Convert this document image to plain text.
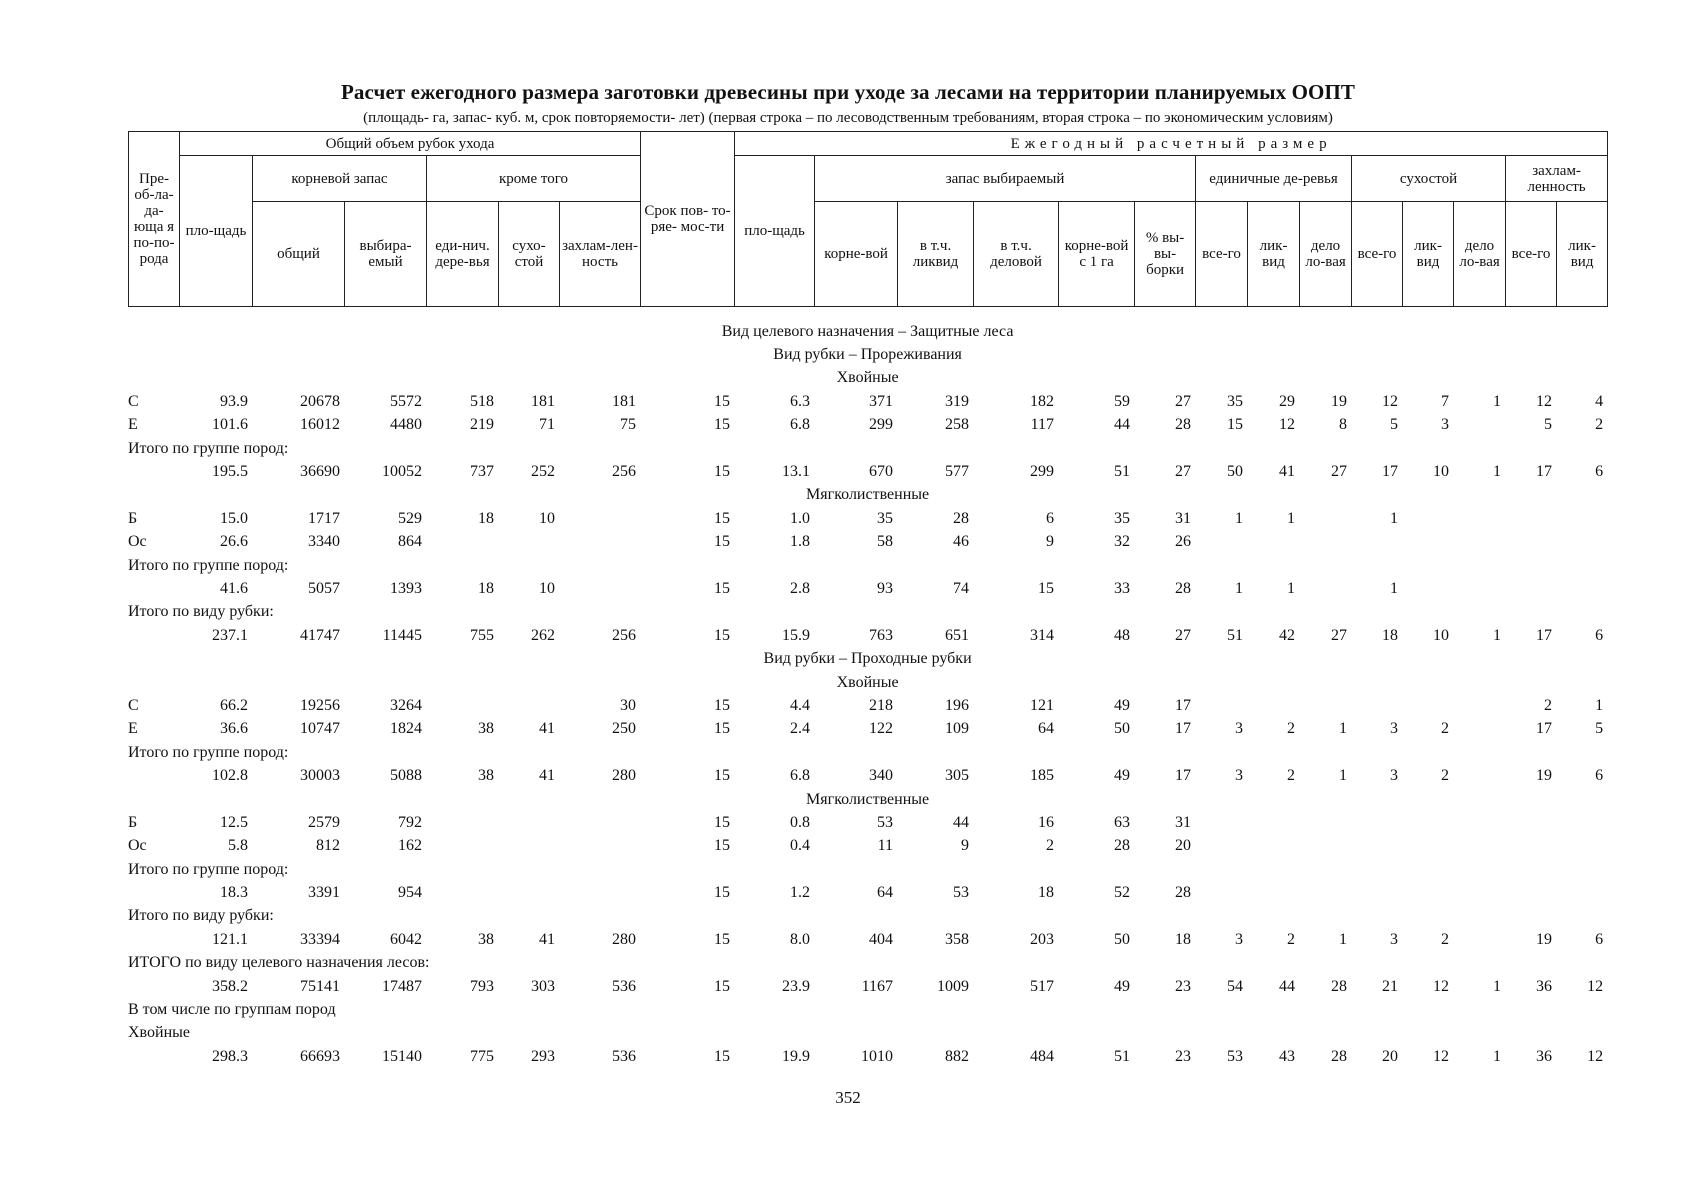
Расчет ежегодного размера заготовки древесины при уходе за лесами на территории планируемых ООПТ
(площадь- га, запас- куб. м, срок повторяемости- лет) (первая строка – по лесоводственным требованиям, вторая строка – по экономическим условиям)
Пре-об-ла-да-юща я по-по-рода	Общий объем рубок ухода						Срок пов- то-ряе- мос-ти	Ежегодный расчетный размер													
	пло-щадь	корневой запас		кроме того				пло-щадь	запас выбираемый					единичные де-ревья			сухостой			захлам-ленность	
		общий	выбира-емый	еди-нич. дере-вья	сухо-стой	захлам-лен-ность			корне-вой	в т.ч. ликвид	в т.ч. деловой	корне-вой с 1 га	% вы-вы-борки	все-го	лик-вид	дело ло-вая	все-го	лик-вид	дело ло-вая	все-го	лик-вид

Вид целевого назначения – Защитные леса																					
Вид рубки – Прореживания																					
Хвойные																					
С	93.9	20678	5572	518	181	181	15	6.3	371	319	182	59	27	35	29	19	12	7	1	12	4
Е	101.6	16012	4480	219	71	75	15	6.8	299	258	117	44	28	15	12	8	5	3		5	2
Итого по группе пород:																					
	195.5	36690	10052	737	252	256	15	13.1	670	577	299	51	27	50	41	27	17	10	1	17	6
Мягколиственные																					
Б	15.0	1717	529	18	10		15	1.0	35	28	6	35	31	1	1		1				
Ос	26.6	3340	864				15	1.8	58	46	9	32	26								
Итого по группе пород:																					
	41.6	5057	1393	18	10		15	2.8	93	74	15	33	28	1	1		1				
Итого по виду рубки:																					
	237.1	41747	11445	755	262	256	15	15.9	763	651	314	48	27	51	42	27	18	10	1	17	6
Вид рубки – Проходные рубки																					
Хвойные																					
С	66.2	19256	3264			30	15	4.4	218	196	121	49	17							2	1
Е	36.6	10747	1824	38	41	250	15	2.4	122	109	64	50	17	3	2	1	3	2		17	5
Итого по группе пород:																					
	102.8	30003	5088	38	41	280	15	6.8	340	305	185	49	17	3	2	1	3	2		19	6
Мягколиственные																					
Б	12.5	2579	792				15	0.8	53	44	16	63	31								
Ос	5.8	812	162				15	0.4	11	9	2	28	20								
Итого по группе пород:																					
	18.3	3391	954				15	1.2	64	53	18	52	28								
Итого по виду рубки:																					
	121.1	33394	6042	38	41	280	15	8.0	404	358	203	50	18	3	2	1	3	2		19	6
ИТОГО по виду целевого назначения лесов:																					
	358.2	75141	17487	793	303	536	15	23.9	1167	1009	517	49	23	54	44	28	21	12	1	36	12
В том числе по группам пород																					
Хвойные																					
	298.3	66693	15140	775	293	536	15	19.9	1010	882	484	51	23	53	43	28	20	12	1	36	12
352
